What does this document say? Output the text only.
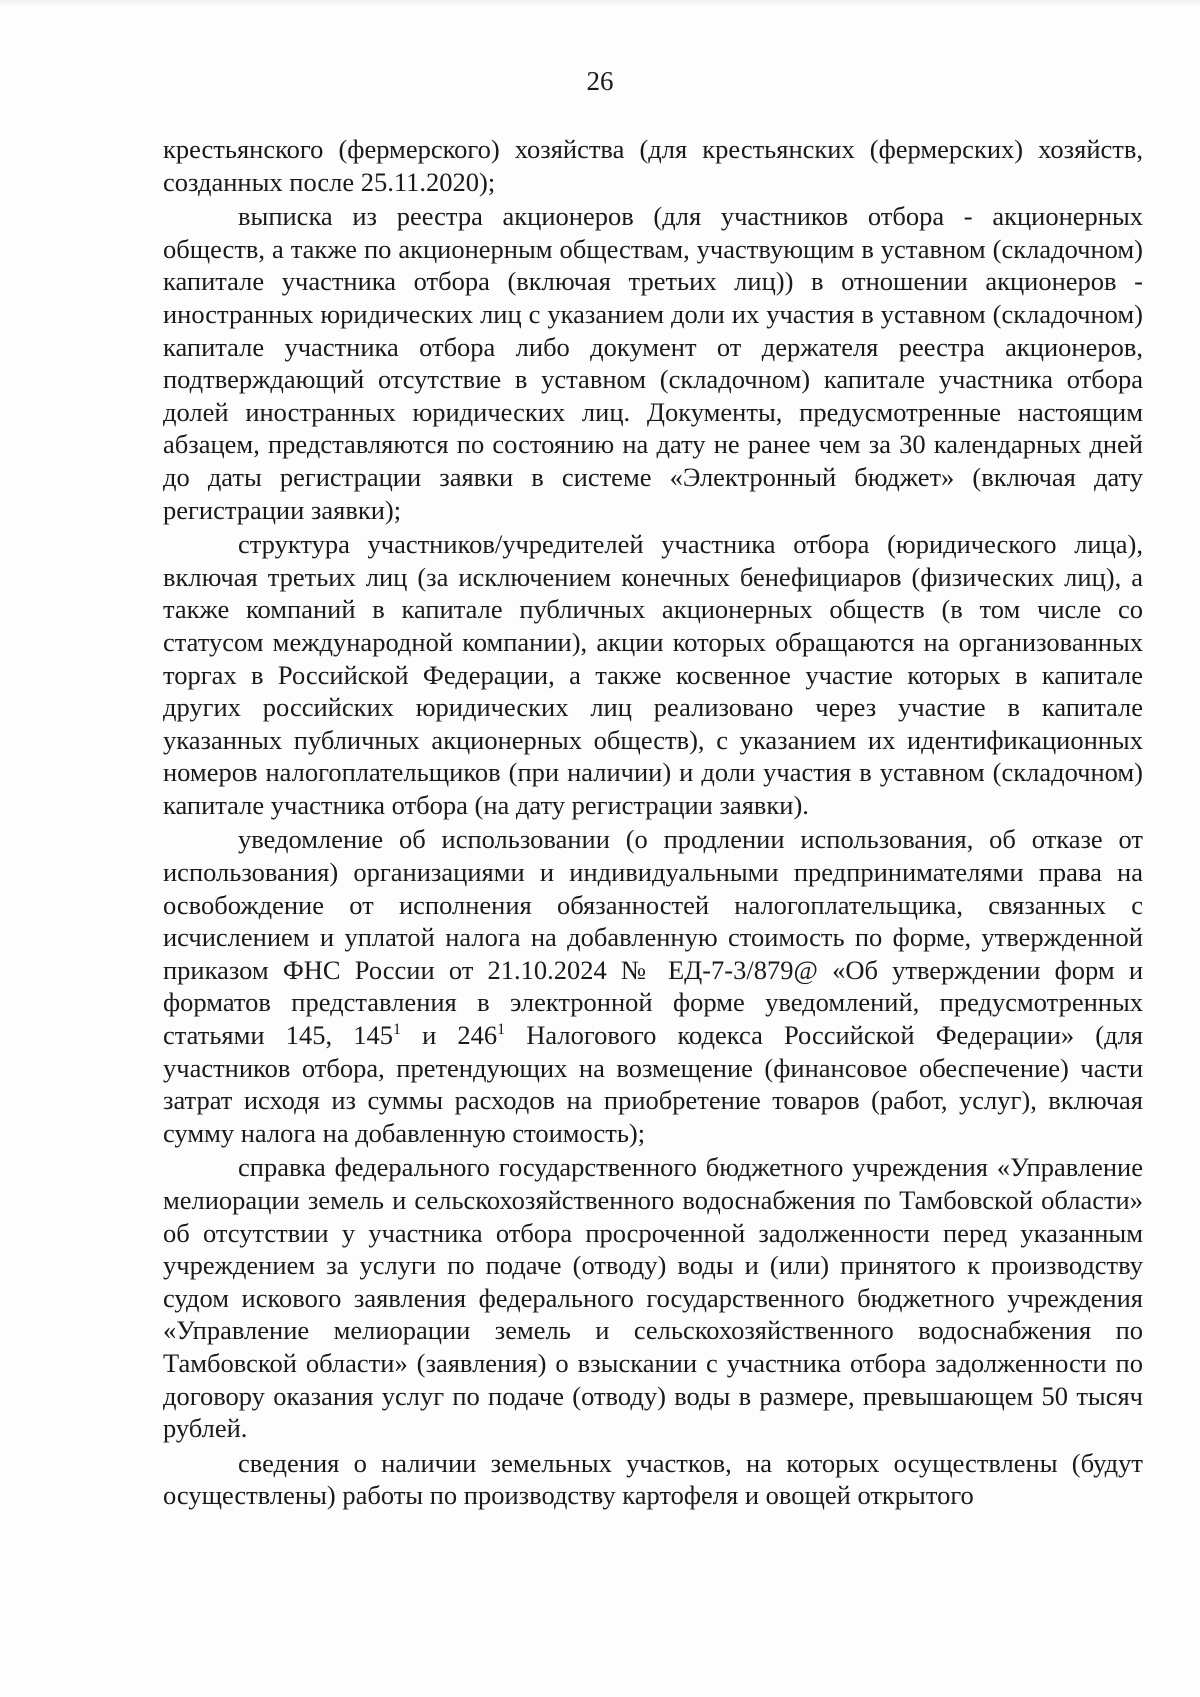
26

крестьянского (фермерского) хозяйства (для крестьянских (фермерских) хозяйств, созданных после 25.11.2020);

выписка из реестра акционеров (для участников отбора - акционерных обществ, а также по акционерным обществам, участвующим в уставном (складочном) капитале участника отбора (включая третьих лиц)) в отношении акционеров - иностранных юридических лиц с указанием доли их участия в уставном (складочном) капитале участника отбора либо документ от держателя реестра акционеров, подтверждающий отсутствие в уставном (складочном) капитале участника отбора долей иностранных юридических лиц. Документы, предусмотренные настоящим абзацем, представляются по состоянию на дату не ранее чем за 30 календарных дней до даты регистрации заявки в системе «Электронный бюджет» (включая дату регистрации заявки);

структура участников/учредителей участника отбора (юридического лица), включая третьих лиц (за исключением конечных бенефициаров (физических лиц), а также компаний в капитале публичных акционерных обществ (в том числе со статусом международной компании), акции которых обращаются на организованных торгах в Российской Федерации, а также косвенное участие которых в капитале других российских юридических лиц реализовано через участие в капитале указанных публичных акционерных обществ), с указанием их идентификационных номеров налогоплательщиков (при наличии) и доли участия в уставном (складочном) капитале участника отбора (на дату регистрации заявки).

уведомление об использовании (о продлении использования, об отказе от использования) организациями и индивидуальными предпринимателями права на освобождение от исполнения обязанностей налогоплательщика, связанных с исчислением и уплатой налога на добавленную стоимость по форме, утвержденной приказом ФНС России от 21.10.2024 № ЕД-7-3/879@ «Об утверждении форм и форматов представления в электронной форме уведомлений, предусмотренных статьями 145, $145^1$ и $246^1$ Налогового кодекса Российской Федерации» (для участников отбора, претендующих на возмещение (финансовое обеспечение) части затрат исходя из суммы расходов на приобретение товаров (работ, услуг), включая сумму налога на добавленную стоимость);

справка федерального государственного бюджетного учреждения «Управление мелиорации земель и сельскохозяйственного водоснабжения по Тамбовской области» об отсутствии у участника отбора просроченной задолженности перед указанным учреждением за услуги по подаче (отводу) воды и (или) принятого к производству судом искового заявления федерального государственного бюджетного учреждения «Управление мелиорации земель и сельскохозяйственного водоснабжения по Тамбовской области» (заявления) о взыскании с участника отбора задолженности по договору оказания услуг по подаче (отводу) воды в размере, превышающем 50 тысяч рублей.

сведения о наличии земельных участков, на которых осуществлены (будут осуществлены) работы по производству картофеля и овощей открытого
